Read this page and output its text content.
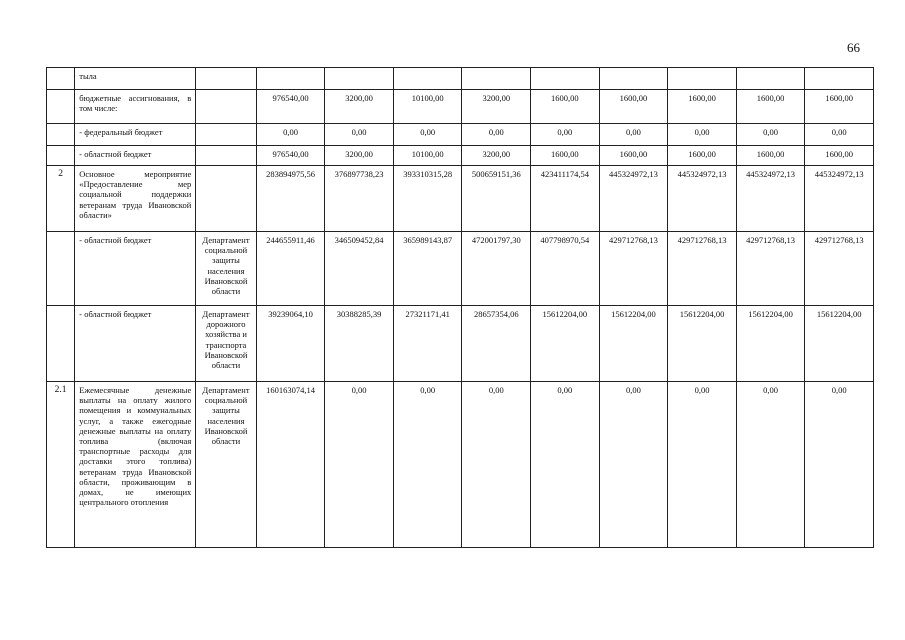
66
	тыла										
	бюджетные ассигнования, в том числе:		976540,00	3200,00	10100,00	3200,00	1600,00	1600,00	1600,00	1600,00	1600,00
	- федеральный бюджет		0,00	0,00	0,00	0,00	0,00	0,00	0,00	0,00	0,00
	- областной бюджет		976540,00	3200,00	10100,00	3200,00	1600,00	1600,00	1600,00	1600,00	1600,00
2	Основное мероприятие «Предоставление мер социальной поддержки ветеранам труда Ивановской области»		283894975,56	376897738,23	393310315,28	500659151,36	423411174,54	445324972,13	445324972,13	445324972,13	445324972,13
	- областной бюджет	Департамент социальной защиты населения Ивановской области	244655911,46	346509452,84	365989143,87	472001797,30	407798970,54	429712768,13	429712768,13	429712768,13	429712768,13
	- областной бюджет	Департамент дорожного хозяйства и транспорта Ивановской области	39239064,10	30388285,39	27321171,41	28657354,06	15612204,00	15612204,00	15612204,00	15612204,00	15612204,00
2.1	Ежемесячные денежные выплаты на оплату жилого помещения и коммунальных услуг, а также ежегодные денежные выплаты на оплату топлива (включая транспортные расходы для доставки этого топлива) ветеранам труда Ивановской области, проживающим в домах, не имеющих центрального отопления	Департамент социальной защиты населения Ивановской области	160163074,14	0,00	0,00	0,00	0,00	0,00	0,00	0,00	0,00
